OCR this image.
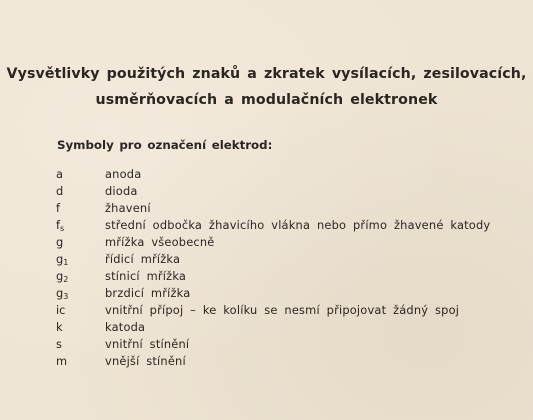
Vysvětlivky použitých znaků a zkratek vysílacích, zesilovacích,
usměrňovacích a modulačních elektronek
Symboly pro označení elektrod:
a	anoda
d	dioda
f	žhavení
$f_s$	střední odbočka žhavicího vlákna nebo přímo žhavené katody
g	mřížka všeobecně
$g_1$	řídicí mřížka
$g_2$	stínicí mřížka
$g_3$	brzdicí mřížka
ic	vnitřní přípoj – ke kolíku se nesmí připojovat žádný spoj
k	katoda
s	vnitřní stínění
m	vnější stínění
